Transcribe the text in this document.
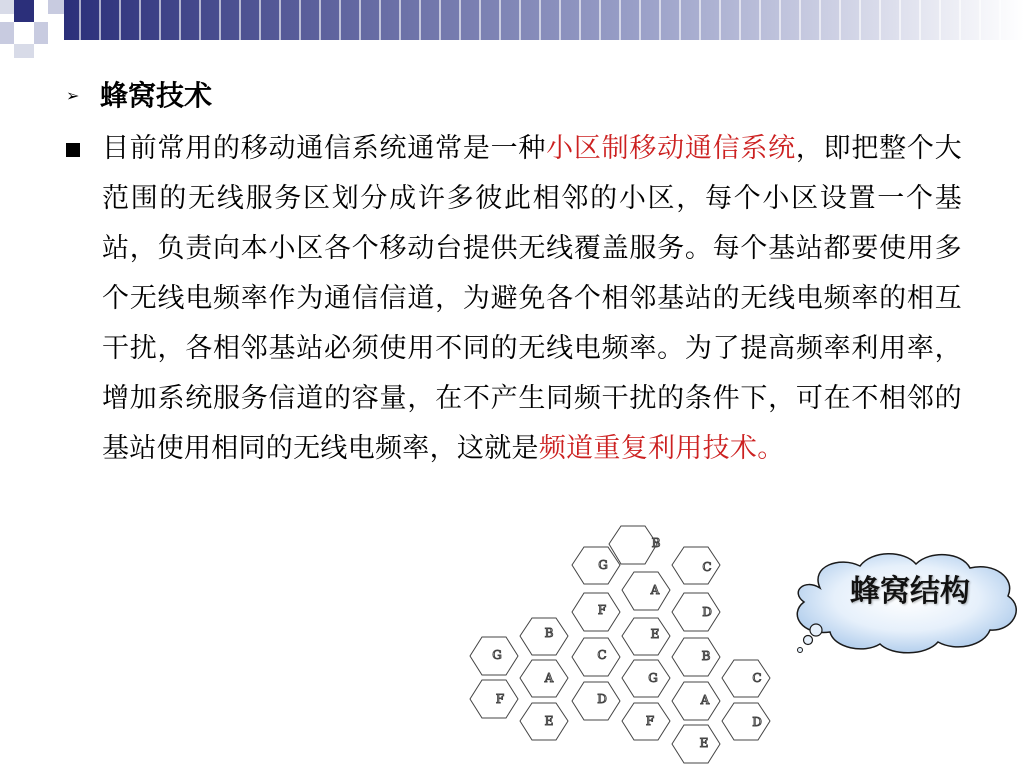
➢ 蜂窝技术
目前常用的移动通信系统通常是一种小区制移动通信系统，即把整个大范围的无线服务区划分成许多彼此相邻的小区，每个小区设置一个基站，负责向本小区各个移动台提供无线覆盖服务。每个基站都要使用多个无线电频率作为通信信道，为避免各个相邻基站的无线电频率的相互干扰，各相邻基站必须使用不同的无线电频率。为了提高频率利用率，增加系统服务信道的容量，在不产生同频干扰的条件下，可在不相邻的基站使用相同的无线电频率，这就是频道重复利用技术。
B
G	C
A
F	D
B	E
G	C	B
A	G	C
F	D	A
E	F	D
E
蜂窝结构
